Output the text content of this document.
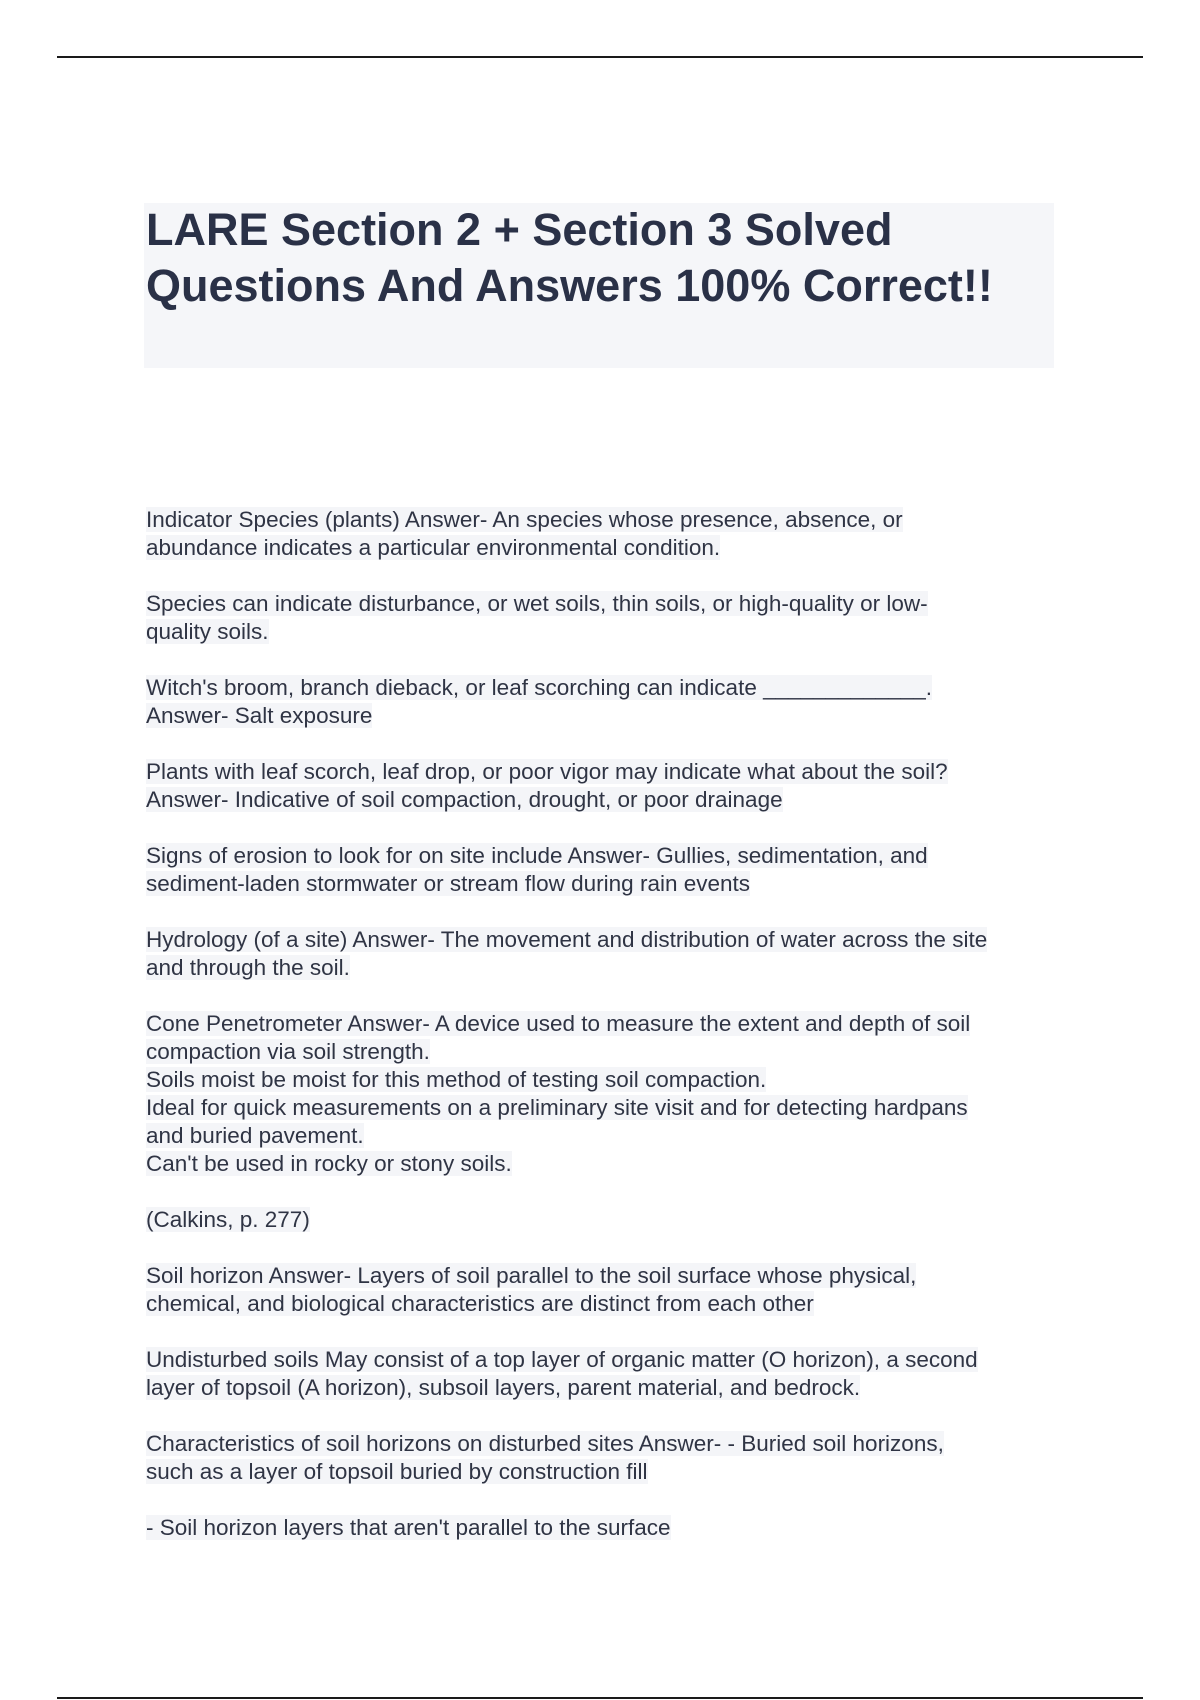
LARE Section 2 + Section 3 Solved Questions And Answers 100% Correct!!

Indicator Species (plants) Answer- An species whose presence, absence, or
abundance indicates a particular environmental condition.

Species can indicate disturbance, or wet soils, thin soils, or high-quality or low-
quality soils.

Witch's broom, branch dieback, or leaf scorching can indicate _____________.
Answer- Salt exposure

Plants with leaf scorch, leaf drop, or poor vigor may indicate what about the soil?
Answer- Indicative of soil compaction, drought, or poor drainage

Signs of erosion to look for on site include Answer- Gullies, sedimentation, and
sediment-laden stormwater or stream flow during rain events

Hydrology (of a site) Answer- The movement and distribution of water across the site
and through the soil.

Cone Penetrometer Answer- A device used to measure the extent and depth of soil
compaction via soil strength.
Soils moist be moist for this method of testing soil compaction.
Ideal for quick measurements on a preliminary site visit and for detecting hardpans
and buried pavement.
Can't be used in rocky or stony soils.

(Calkins, p. 277)

Soil horizon Answer- Layers of soil parallel to the soil surface whose physical,
chemical, and biological characteristics are distinct from each other

Undisturbed soils May consist of a top layer of organic matter (O horizon), a second
layer of topsoil (A horizon), subsoil layers, parent material, and bedrock.

Characteristics of soil horizons on disturbed sites Answer- - Buried soil horizons,
such as a layer of topsoil buried by construction fill

- Soil horizon layers that aren't parallel to the surface
